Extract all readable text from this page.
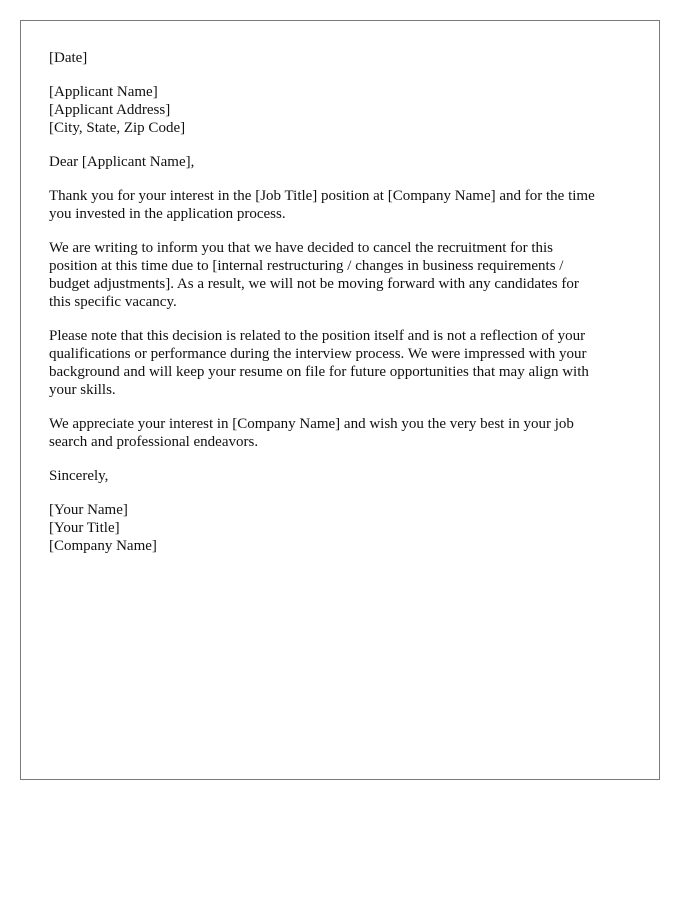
[Date]
[Applicant Name]
[Applicant Address]
[City, State, Zip Code]
Dear [Applicant Name],
Thank you for your interest in the [Job Title] position at [Company Name] and for the time
you invested in the application process.
We are writing to inform you that we have decided to cancel the recruitment for this
position at this time due to [internal restructuring / changes in business requirements /
budget adjustments]. As a result, we will not be moving forward with any candidates for
this specific vacancy.
Please note that this decision is related to the position itself and is not a reflection of your
qualifications or performance during the interview process. We were impressed with your
background and will keep your resume on file for future opportunities that may align with
your skills.
We appreciate your interest in [Company Name] and wish you the very best in your job
search and professional endeavors.
Sincerely,
[Your Name]
[Your Title]
[Company Name]
